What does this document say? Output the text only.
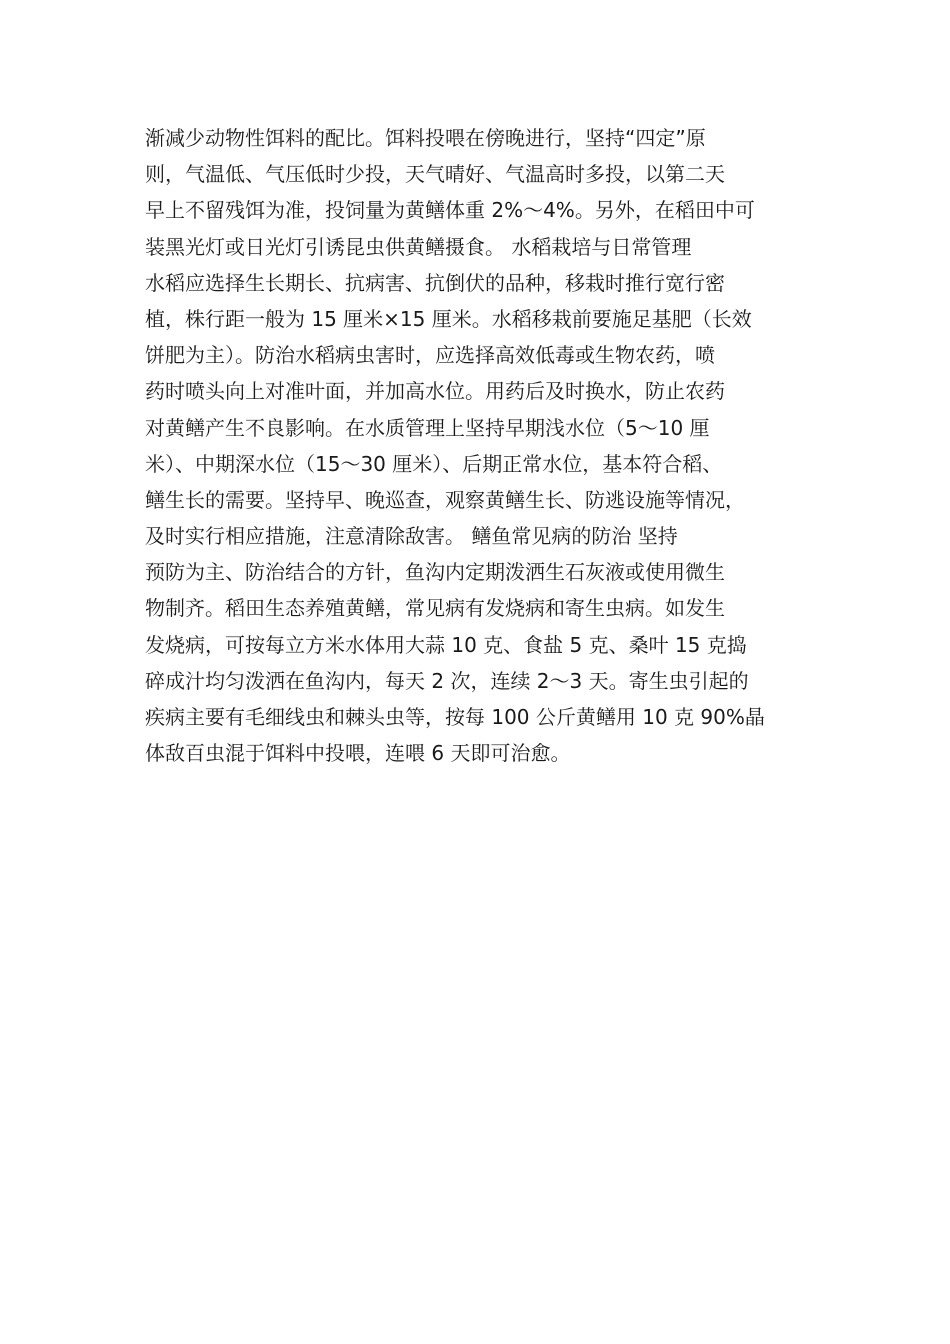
渐减少动物性饵料的配比。饵料投喂在傍晚进行，坚持“四定”原
则，气温低、气压低时少投，天气晴好、气温高时多投，以第二天
早上不留残饵为准，投饲量为黄鳝体重 2%～4%。另外，在稻田中可
装黑光灯或日光灯引诱昆虫供黄鳝摄食。 水稻栽培与日常管理
水稻应选择生长期长、抗病害、抗倒伏的品种，移栽时推行宽行密
植，株行距一般为 15 厘米×15 厘米。水稻移栽前要施足基肥（长效
饼肥为主）。防治水稻病虫害时，应选择高效低毒或生物农药，喷
药时喷头向上对准叶面，并加高水位。用药后及时换水，防止农药
对黄鳝产生不良影响。在水质管理上坚持早期浅水位（5～10 厘
米）、中期深水位（15～30 厘米）、后期正常水位，基本符合稻、
鳝生长的需要。坚持早、晚巡查，观察黄鳝生长、防逃设施等情况，
及时实行相应措施，注意清除敌害。 鳝鱼常见病的防治 坚持
预防为主、防治结合的方针，鱼沟内定期泼洒生石灰液或使用微生
物制齐。稻田生态养殖黄鳝，常见病有发烧病和寄生虫病。如发生
发烧病，可按每立方米水体用大蒜 10 克、食盐 5 克、桑叶 15 克捣
碎成汁均匀泼洒在鱼沟内，每天 2 次，连续 2～3 天。寄生虫引起的
疾病主要有毛细线虫和棘头虫等，按每 100 公斤黄鳝用 10 克 90%晶
体敌百虫混于饵料中投喂，连喂 6 天即可治愈。
